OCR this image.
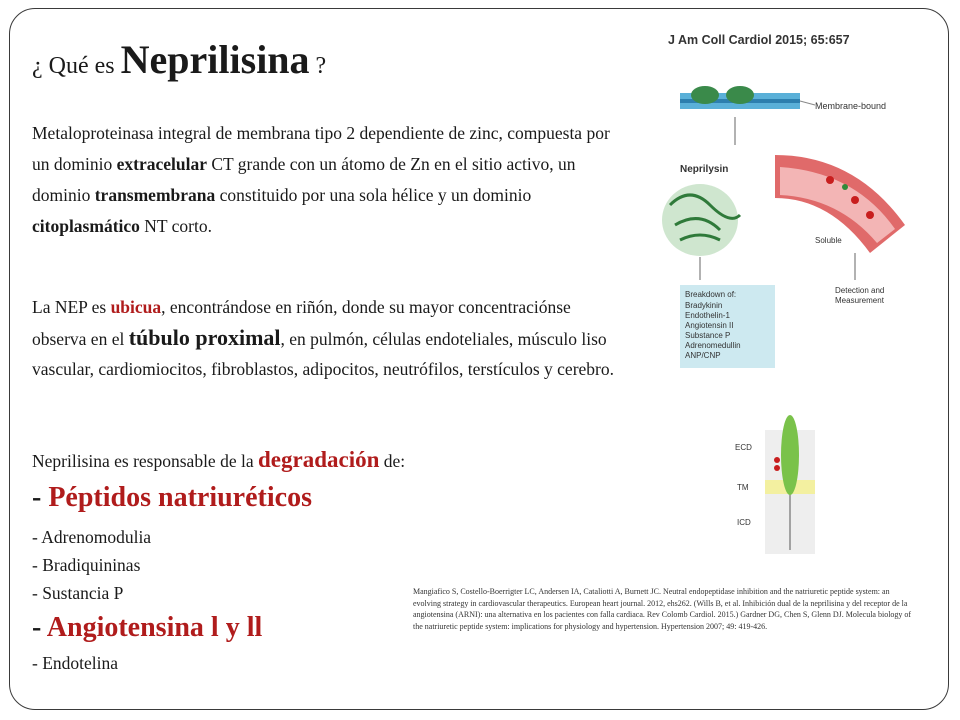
¿ Qué es Neprilisina ?
J Am Coll Cardiol 2015; 65:657
Metaloproteinasa integral de membrana tipo 2 dependiente de zinc, compuesta por un dominio extracelular CT grande con un átomo de Zn en el sitio activo, un dominio transmembrana constituido por una sola hélice y un dominio citoplasmático NT corto.
La NEP es ubicua, encontrándose en riñón, donde su mayor concentraciónse observa en el túbulo proximal, en pulmón, células endoteliales, músculo liso vascular, cardiomiocitos, fibroblastos, adipocitos, neutrófilos, terstículos y cerebro.
Neprilisina es responsable de la degradación de:
- Péptidos natriuréticos
- Adrenomodulia
- Bradiquininas
- Sustancia P
- Angiotensina l y ll
- Endotelina
Mangiafico S, Costello-Boerrigter LC, Andersen IA, Cataliotti A, Burnett JC. Neutral endopeptidase inhibition and the natriuretic peptide system: an evolving strategy in cardiovascular therapeutics. European heart journal. 2012, ehs262. (Wills B, et al. Inhibición dual de la neprilisina y del receptor de la angiotensina (ARNI): una alternativa en los pacientes con falla cardiaca. Rev Colomb Cardiol. 2015.) Gardner DG, Chen S, Glenn DJ. Molecula biology of the natriuretic peptide system: implications for physiology and hypertension. Hypertension 2007; 49: 419-426.
Membrane-bound
Neprilysin
Soluble
Breakdown of:
Bradykinin
Endothelin-1
Angiotensin II
Substance P
Adrenomedullin
ANP/CNP
Detection and
Measurement
ECD
TM
ICD
